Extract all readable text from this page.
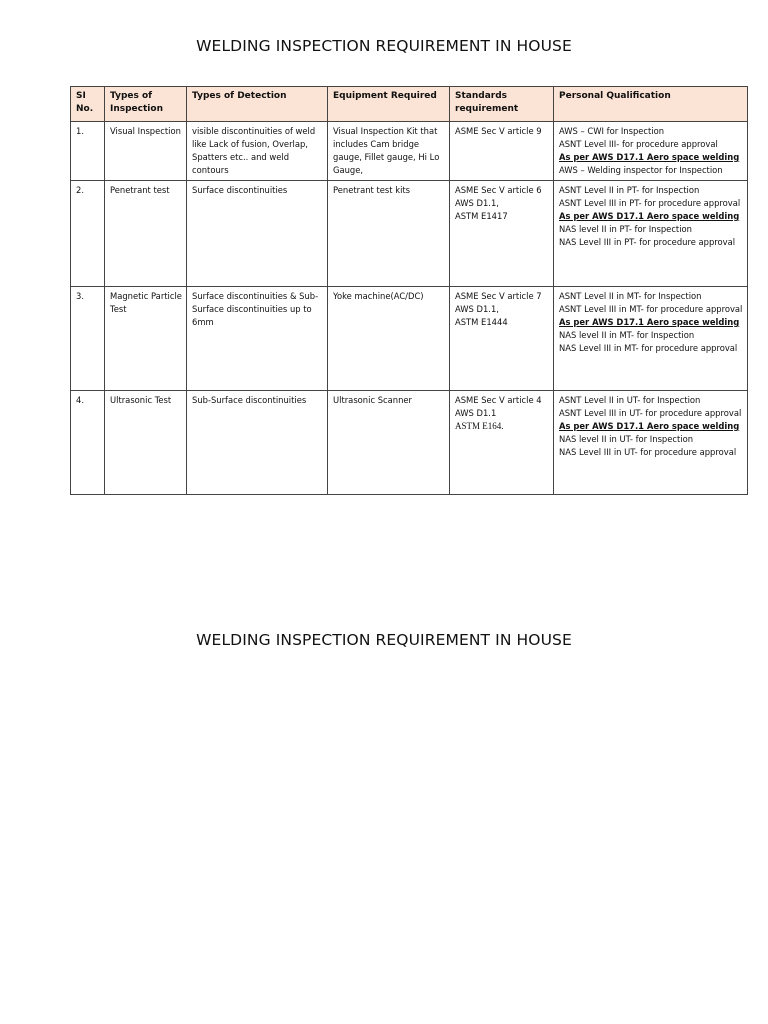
WELDING INSPECTION REQUIREMENT IN HOUSE
SI No.	Types of Inspection	Types of Detection	Equipment Required	Standards requirement	Personal Qualification
1.	Visual Inspection	visible discontinuities of weld like Lack of fusion, Overlap, Spatters etc.. and weld contours	Visual Inspection Kit that includes Cam bridge gauge, Fillet gauge, Hi Lo Gauge,	ASME Sec V article 9	AWS – CWI for Inspection
ASNT Level III- for procedure approval
As per AWS D17.1 Aero space welding
AWS – Welding inspector for Inspection

2.	Penetrant test	Surface discontinuities	Penetrant test kits	ASME Sec V article 6
AWS D1.1,
ASTM E1417	ASNT Level II in PT- for Inspection
ASNT Level III in PT- for procedure approval
As per AWS D17.1 Aero space welding
NAS level II in PT- for Inspection
NAS Level III in PT- for procedure approval

3.	Magnetic Particle Test	Surface discontinuities & Sub-Surface discontinuities up to 6mm	Yoke machine(AC/DC)	ASME Sec V article 7
AWS D1.1,
ASTM E1444	ASNT Level II in MT- for Inspection
ASNT Level III in MT- for procedure approval
As per AWS D17.1 Aero space welding
NAS level II in MT- for Inspection
NAS Level III in MT- for procedure approval

4.	Ultrasonic Test	Sub-Surface discontinuities	Ultrasonic Scanner	ASME Sec V article 4
AWS D1.1
ASTM E164.	ASNT Level II in UT- for Inspection
ASNT Level III in UT- for procedure approval
As per AWS D17.1 Aero space welding
NAS level II in UT- for Inspection
NAS Level III in UT- for procedure approval
WELDING INSPECTION REQUIREMENT IN HOUSE
